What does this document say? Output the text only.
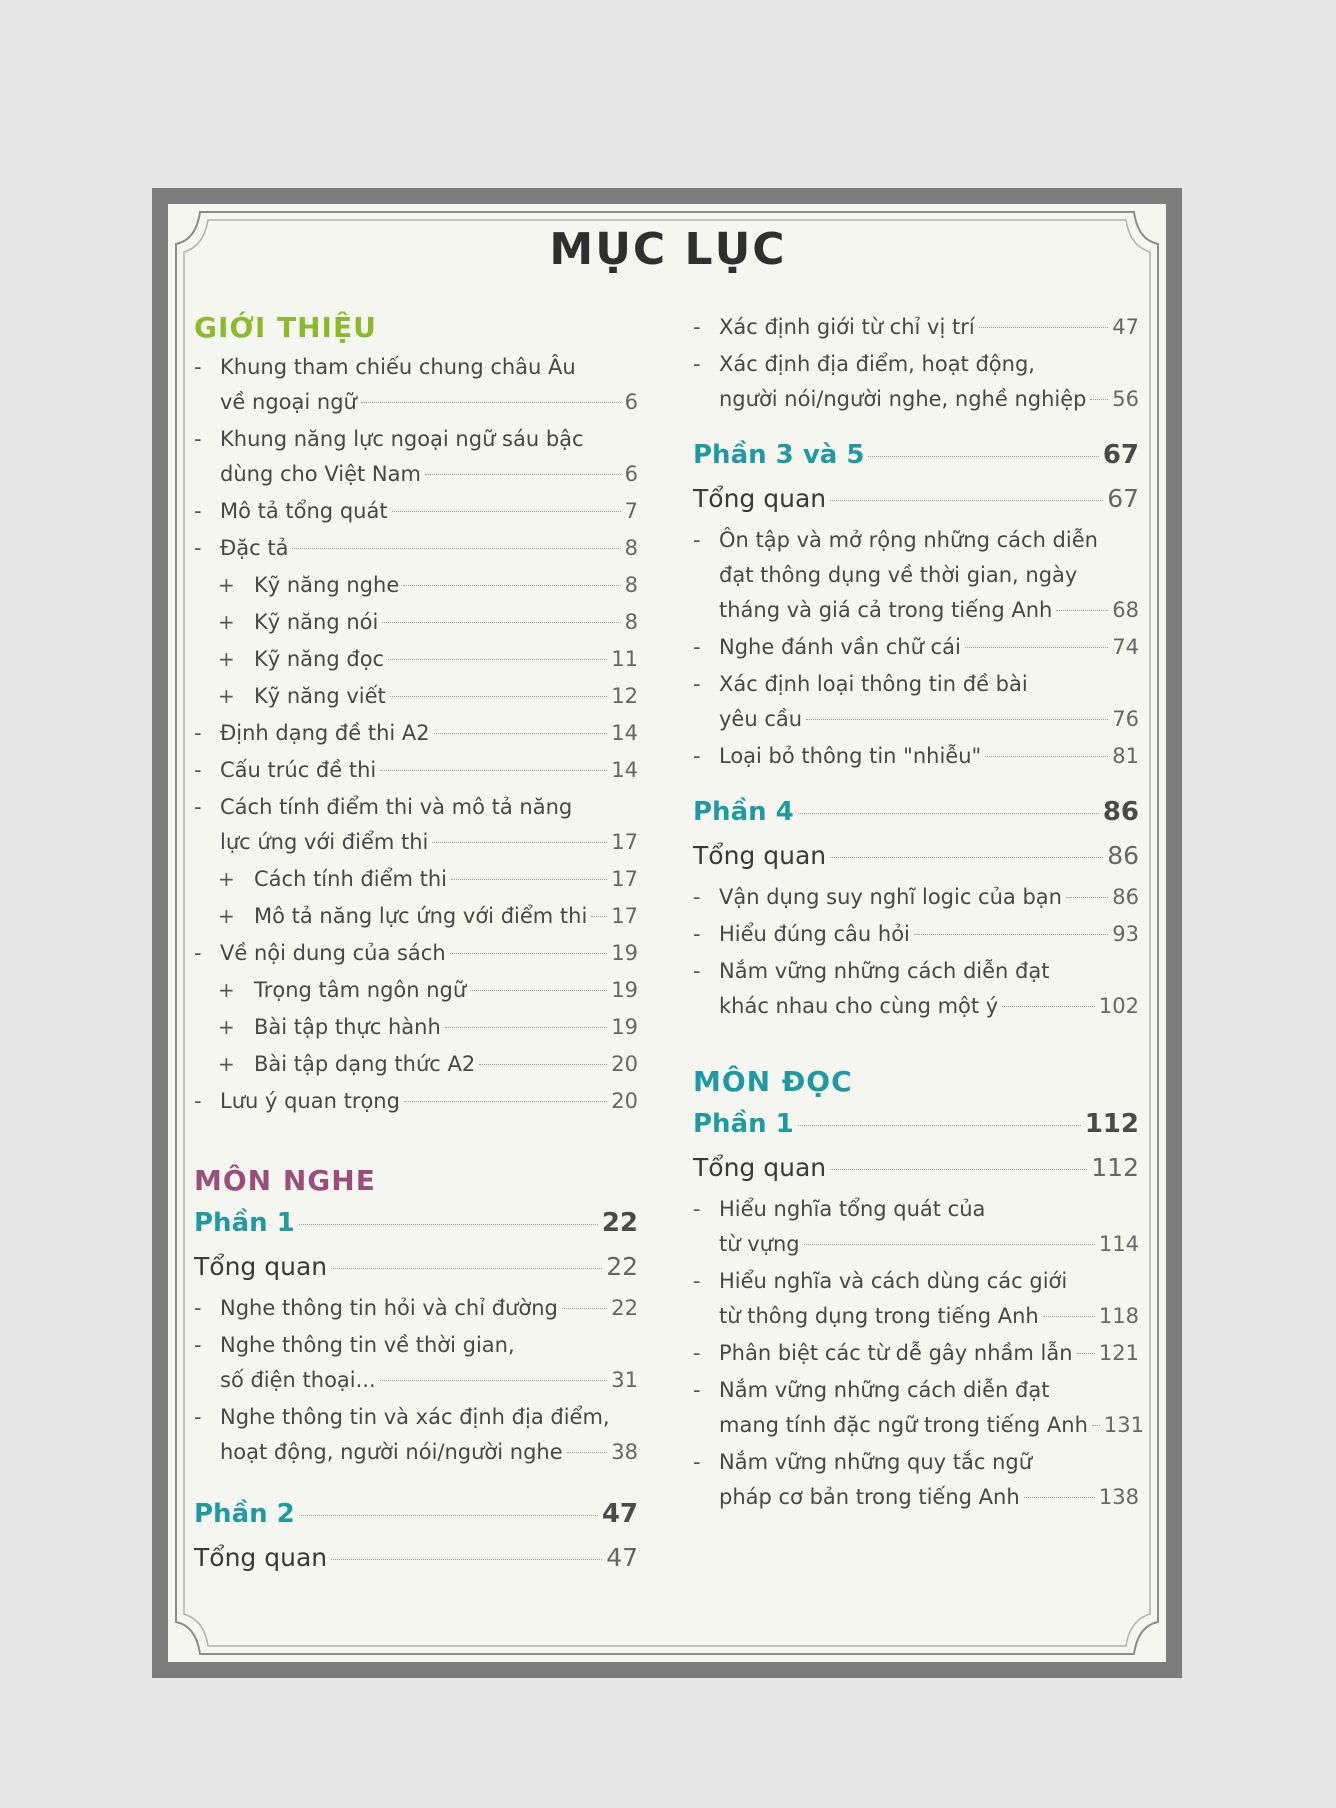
MỤC LỤC
GIỚI THIỆU
- Khung tham chiếu chung châu Âu
về ngoại ngữ	6
- Khung năng lực ngoại ngữ sáu bậc
dùng cho Việt Nam	6
- Mô tả tổng quát	7
- Đặc tả	8
+ Kỹ năng nghe	8
+ Kỹ năng nói	8
+ Kỹ năng đọc	11
+ Kỹ năng viết	12
- Định dạng đề thi A2	14
- Cấu trúc đề thi	14
- Cách tính điểm thi và mô tả năng
lực ứng với điểm thi	17
+ Cách tính điểm thi	17
+ Mô tả năng lực ứng với điểm thi 17
- Về nội dung của sách	19
+ Trọng tâm ngôn ngữ	19
+ Bài tập thực hành	19
+ Bài tập dạng thức A2	20
- Lưu ý quan trọng	20
MÔN NGHE
Phần 1	22
Tổng quan	22
- Nghe thông tin hỏi và chỉ đường	22
- Nghe thông tin về thời gian,
số điện thoại...	31
- Nghe thông tin và xác định địa điểm,
hoạt động, người nói/người nghe 38
Phần 2	47
Tổng quan	47
- Xác định giới từ chỉ vị trí	47
- Xác định địa điểm, hoạt động,
người nói/người nghe, nghề nghiệp 56
Phần 3 và 5	67
Tổng quan	67
- Ôn tập và mở rộng những cách diễn
đạt thông dụng về thời gian, ngày
tháng và giá cả trong tiếng Anh	68
- Nghe đánh vần chữ cái	74
- Xác định loại thông tin đề bài
yêu cầu	76
- Loại bỏ thông tin "nhiễu"	81
Phần 4	86
Tổng quan	86
- Vận dụng suy nghĩ logic của bạn 86
- Hiểu đúng câu hỏi	93
- Nắm vững những cách diễn đạt
khác nhau cho cùng một ý	102
MÔN ĐỌC
Phần 1	112
Tổng quan	112
- Hiểu nghĩa tổng quát của
từ vựng	114
- Hiểu nghĩa và cách dùng các giới
từ thông dụng trong tiếng Anh	118
- Phân biệt các từ dễ gây nhầm lẫn 121
- Nắm vững những cách diễn đạt
mang tính đặc ngữ trong tiếng Anh 131
- Nắm vững những quy tắc ngữ
pháp cơ bản trong tiếng Anh	138
